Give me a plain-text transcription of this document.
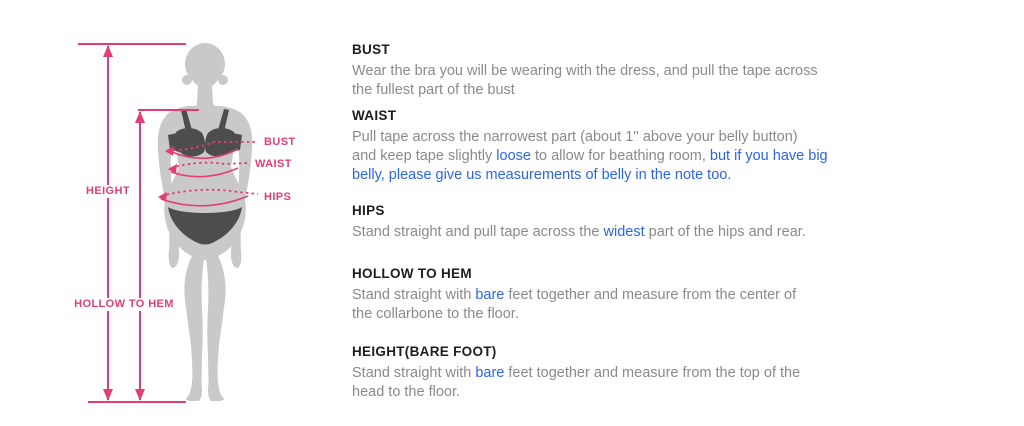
HEIGHT
HOLLOW TO HEM
BUST
WAIST
HIPS
BUST
Wear the bra you will be wearing with the dress, and pull the tape across
the fullest part of the bust
WAIST
Pull tape across the narrowest part (about 1'' above your belly button)
and keep tape slightly loose to allow for beathing room, but if you have big
belly, please give us measurements of belly in the note too.
HIPS
Stand straight and pull tape across the widest part of the hips and rear.
HOLLOW TO HEM
Stand straight with bare feet together and measure from the center of
the collarbone to the floor.
HEIGHT(BARE FOOT)
Stand straight with bare feet together and measure from the top of the
head to the floor.
